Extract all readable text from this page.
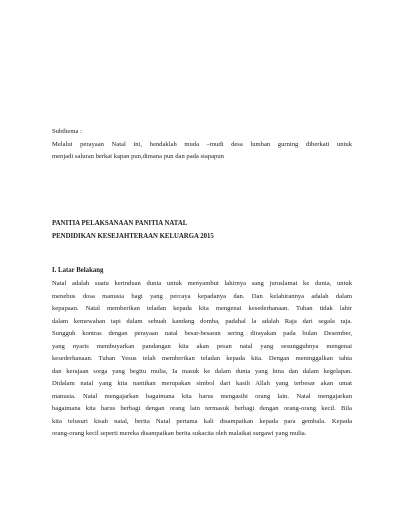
Subthema :
Melalui perayaan Natal ini, hendaklah muda –mudi desa lumban gurning diberkati untuk
menjadi saluran berkat kapan pun,dimana pun dan pada siapapun
PANITIA PELAKSANAAN PANITIA NATAL
PENDIDIKAN KESEJAHTERAAN KELUARGA 2015
I. Latar Belakang
Natal adalah suatu kerinduan dunia untuk menyambut lahirnya sang juruslamat ke dunia, untuk
menebus dosa manusia bagi yang percaya kepadanya dan. Dan kelahirannya adalah dalam
kepapaan. Natal memberikan teladan kepada kita mengenai kesederhanaan. Tuhan tidak lahir
dalam kemewahan tapi dalam sebuah kandang domba, padahal la adalah Raja dari segala raja.
Sungguh kontras dengan perayaan natal besar-besaran sering dirayakan pada bulan Desember,
yang nyaris membuyarkan pandangan kita akan pesan natal yang sesungguhnya mengenai
kesederhanaan. Tuhan Yesus telah memberikan teladan kepada kita. Dengan meninggalkan tahta
dan kerajaan sorga yang begitu mulia, Ia masuk ke dalam dunia yang hina dan dalam kegelapan.
Didalam natal yang kita nantikan merupakan simbol dari kasih Allah yang terbesar akan umat
manusia. Natal mengajarkan bagaimana kita harus mengasihi orang lain. Natal mengajarkan
bagaimana kita harus berbagi dengan orang lain termasuk berbagi dengan orang-orang kecil. Bila
kita telusuri kisah natal, berita Natal pertama kali disampaikan kepada para gembala. Kepada
orang-orang kecil seperti mereka disampaikan berita sukacita oleh malaikat surgawi yang mulia.
